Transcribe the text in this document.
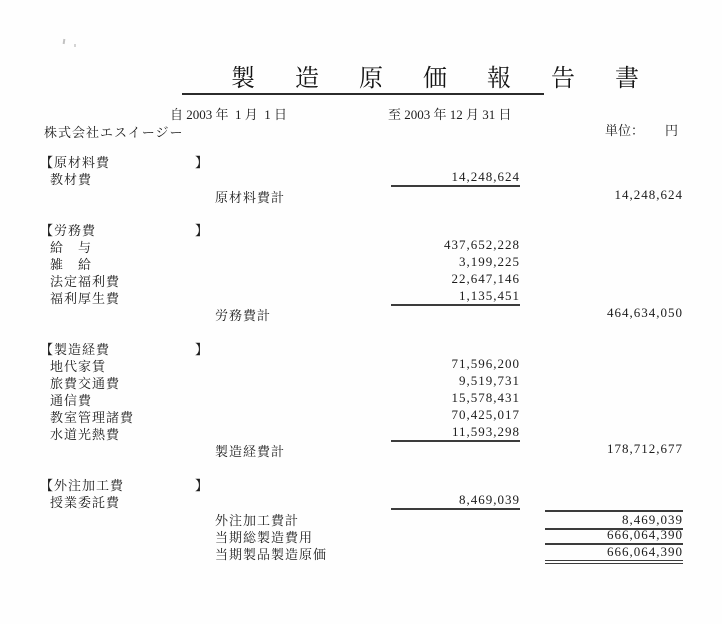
製 造 原 価 報 告 書
自 2003 年  1 月  1 日	至 2003 年 12 月 31 日
株式会社エスイージー	単位： 円
【原材料費	】
教材費	14,248,624
原材料費計	14,248,624
【労務費	】
給　与	437,652,228
雑　給	3,199,225
法定福利費	22,647,146
福利厚生費	1,135,451
労務費計	464,634,050
【製造経費	】
地代家賃	71,596,200
旅費交通費	9,519,731
通信費	15,578,431
教室管理諸費	70,425,017
水道光熱費	11,593,298
製造経費計	178,712,677
【外注加工費	】
授業委託費	8,469,039
外注加工費計	8,469,039
当期総製造費用	666,064,390
当期製品製造原価	666,064,390
